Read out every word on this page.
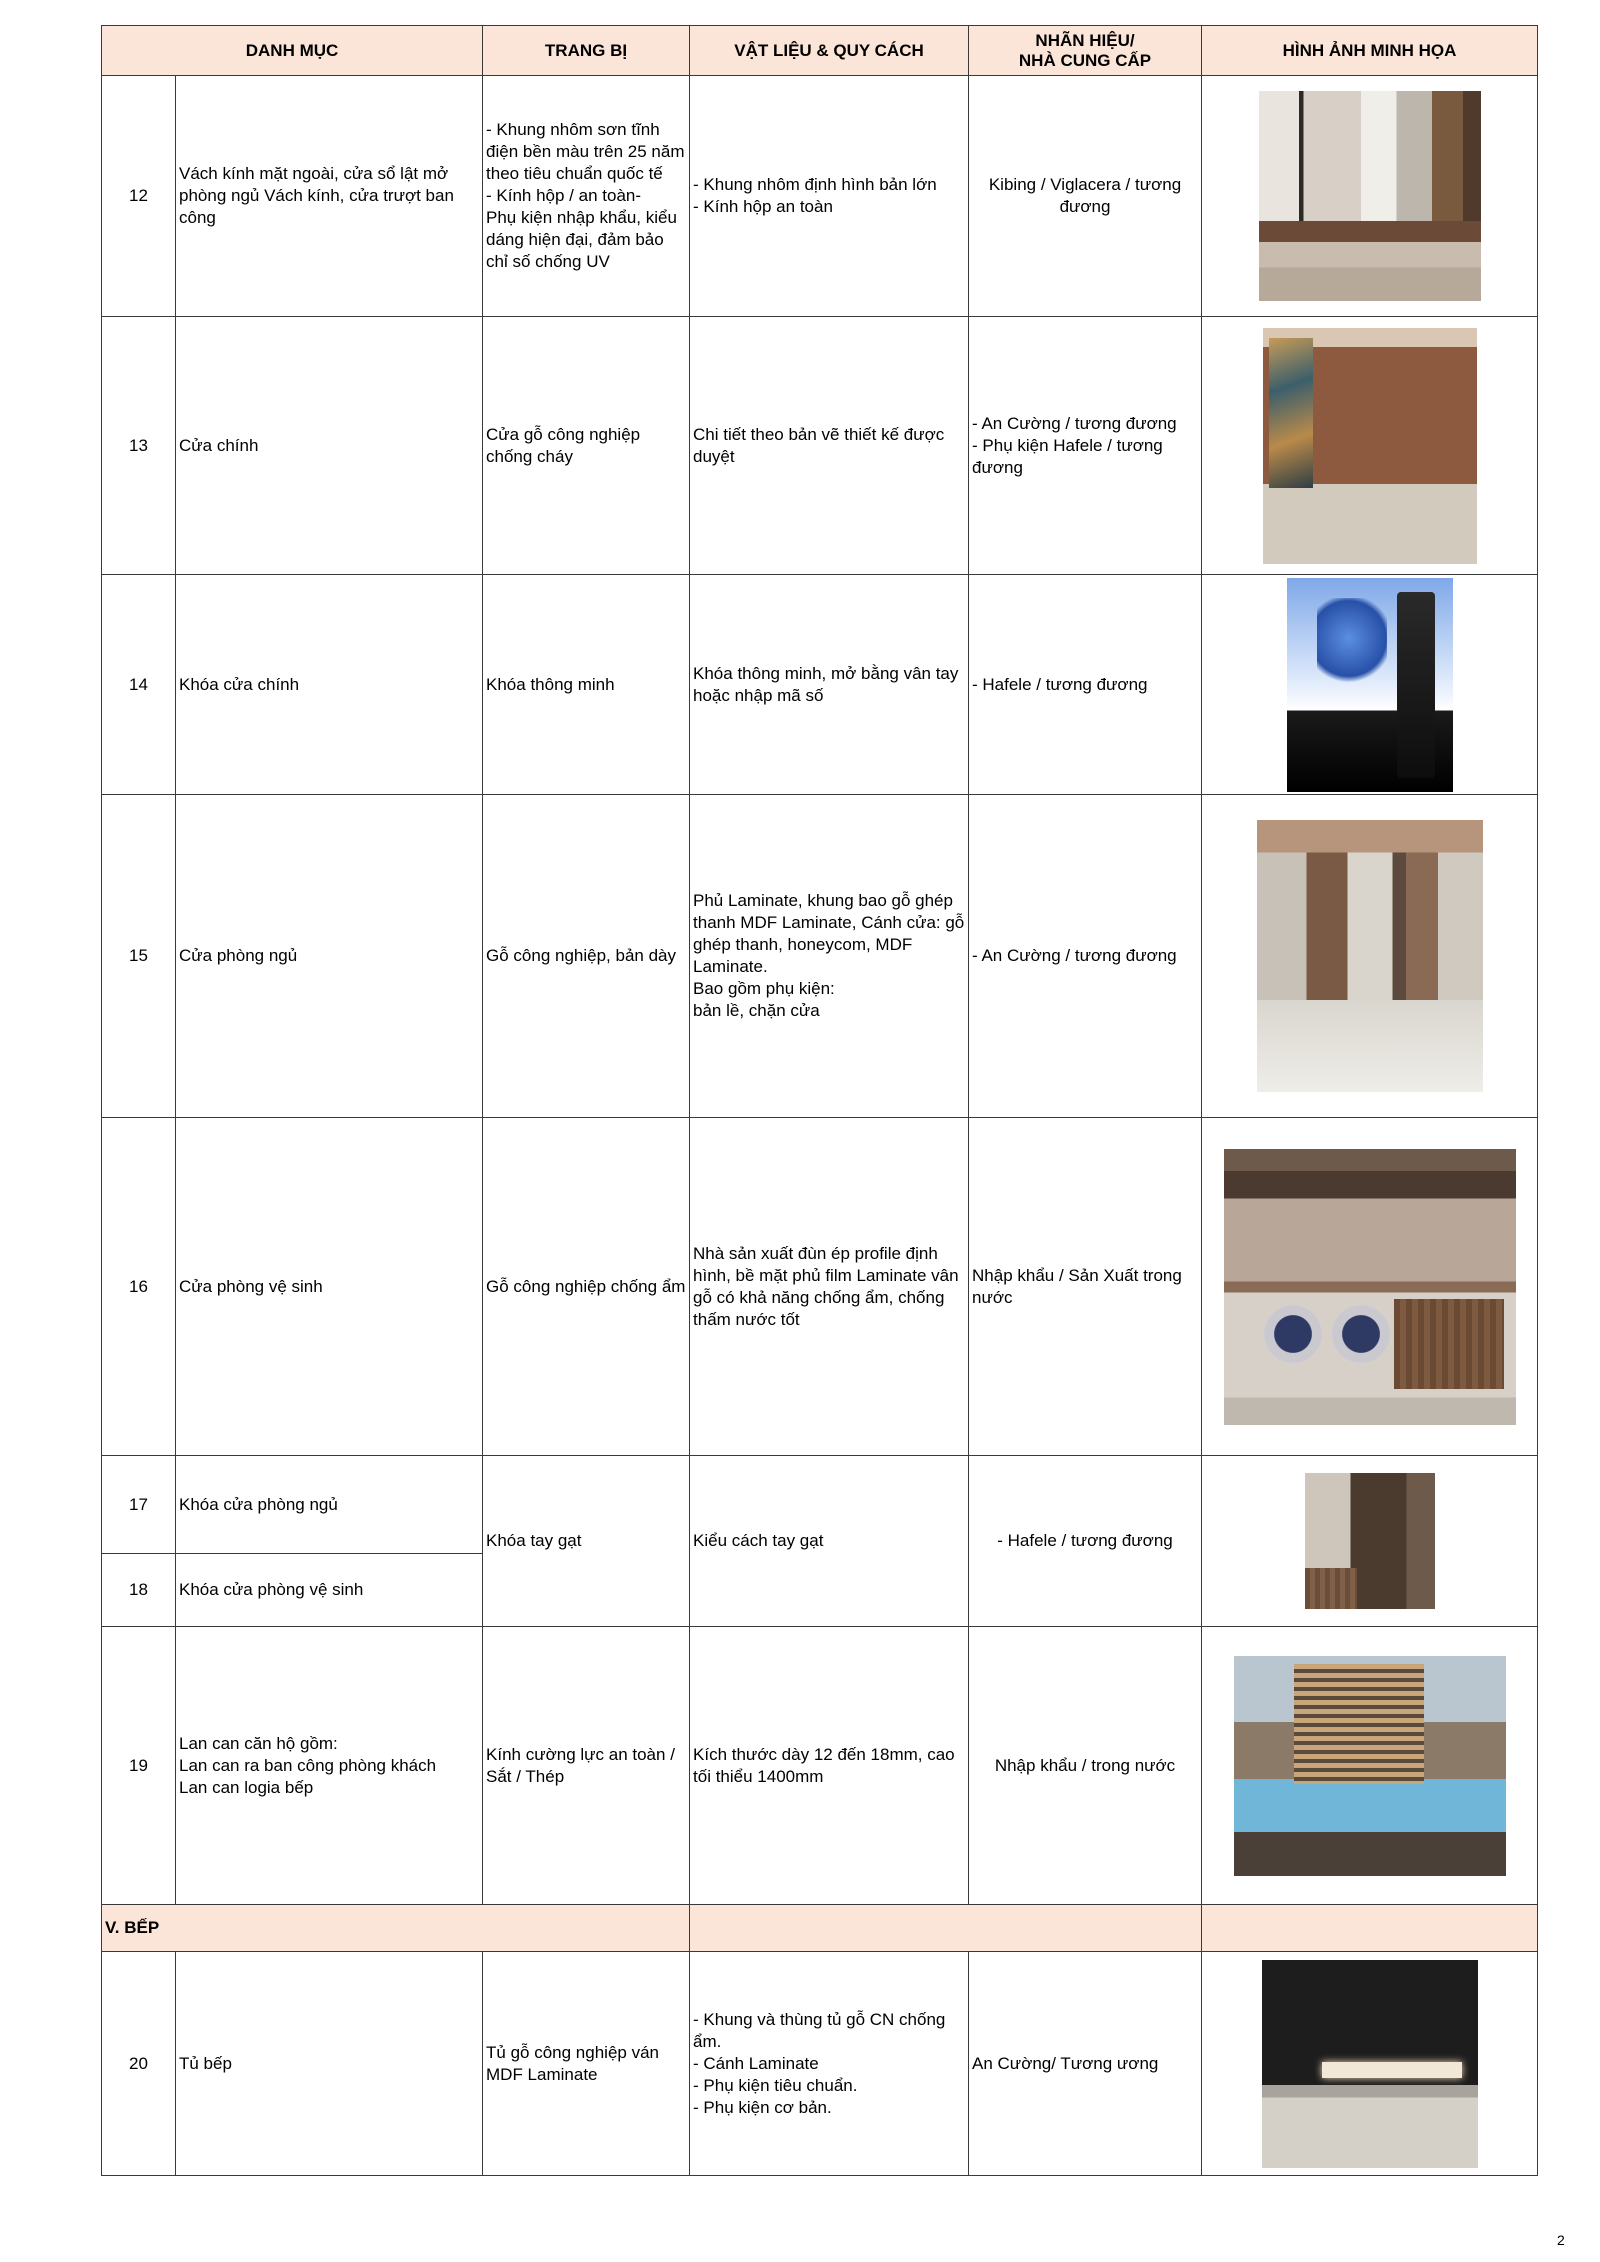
DANH MỤC		TRANG BỊ	VẬT LIỆU & QUY CÁCH	NHÃN HIỆU/
NHÀ CUNG CẤP	HÌNH ẢNH MINH HỌA
12	Vách kính mặt ngoài, cửa sổ lật mở phòng ngủ Vách kính, cửa trượt ban công	- Khung nhôm sơn tĩnh điện bền màu trên 25 năm theo tiêu chuẩn quốc tế
- Kính hộp / an toàn-
Phụ kiện nhập khẩu, kiểu dáng hiện đại, đảm bảo chỉ số chống UV	- Khung nhôm định hình bản lớn
- Kính hộp an toàn	Kibing / Viglacera / tương đương	
13	Cửa chính	Cửa gỗ công nghiệp chống cháy	Chi tiết theo bản vẽ thiết kế được
duyệt	- An Cường / tương đương
- Phụ kiện Hafele / tương đương	

14	Khóa cửa chính	Khóa thông minh	Khóa thông minh, mở bằng vân tay hoặc nhập mã số	- Hafele / tương đương	

15	Cửa phòng ngủ	Gỗ công nghiệp, bản dày	Phủ Laminate, khung bao gỗ ghép thanh MDF Laminate, Cánh cửa: gỗ ghép thanh, honeycom, MDF Laminate.
Bao gồm phụ kiện:
bản lề, chặn cửa	- An Cường / tương đương	

16	Cửa phòng vệ sinh	Gỗ công nghiệp chống ẩm	Nhà sản xuất đùn ép profile định hình, bề mặt phủ film Laminate vân gỗ có khả năng chống ẩm, chống thấm nước tốt	Nhập khẩu / Sản Xuất trong nước	

17	Khóa cửa phòng ngủ	Khóa tay gạt	Kiểu cách tay gạt	- Hafele / tương đương	

18	Khóa cửa phòng vệ sinh				
19	Lan can căn hộ gồm:
Lan can ra ban công phòng khách
Lan can logia bếp	Kính cường lực an toàn / Sắt / Thép	Kích thước dày 12 đến 18mm, cao tối thiểu 1400mm	Nhập khẩu / trong nước	

V. BẾP					
20	Tủ bếp	Tủ gỗ công nghiệp ván MDF Laminate	- Khung và thùng tủ gỗ CN chống ẩm.
- Cánh Laminate
- Phụ kiện tiêu chuẩn.
- Phụ kiện cơ bản.	An Cường/ Tương ương	
2
